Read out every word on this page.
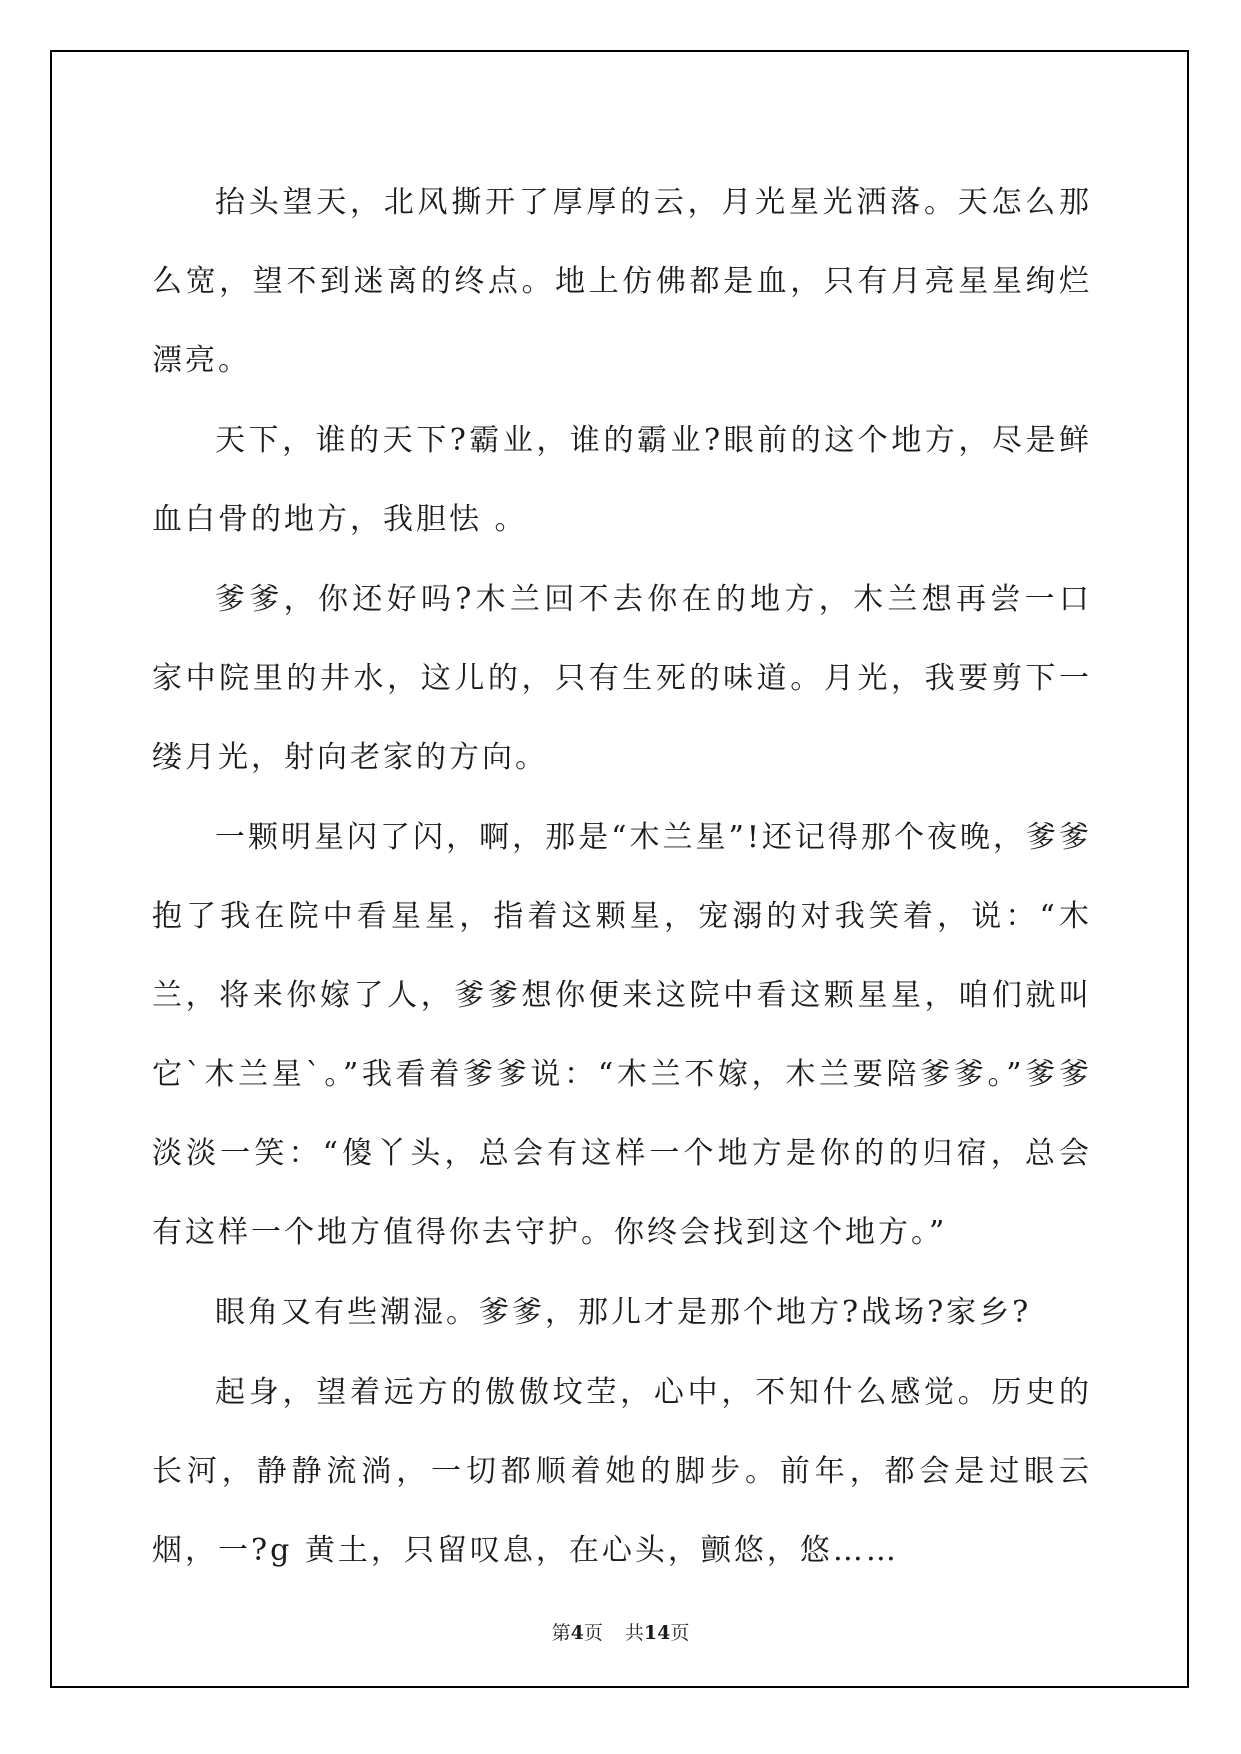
抬头望天，北风撕开了厚厚的云，月光星光洒落。天怎么那么宽，望不到迷离的终点。地上仿佛都是血，只有月亮星星绚烂漂亮。

天下，谁的天下?霸业，谁的霸业?眼前的这个地方，尽是鲜血白骨的地方，我胆怯 。

爹爹，你还好吗?木兰回不去你在的地方，木兰想再尝一口家中院里的井水，这儿的，只有生死的味道。月光，我要剪下一缕月光，射向老家的方向。

一颗明星闪了闪，啊，那是“木兰星”!还记得那个夜晚，爹爹抱了我在院中看星星，指着这颗星，宠溺的对我笑着，说：“木兰，将来你嫁了人，爹爹想你便来这院中看这颗星星，咱们就叫它`木兰星`。”我看着爹爹说：“木兰不嫁，木兰要陪爹爹。”爹爹淡淡一笑：“傻丫头，总会有这样一个地方是你的的归宿，总会有这样一个地方值得你去守护。你终会找到这个地方。”

眼角又有些潮湿。爹爹，那儿才是那个地方?战场?家乡?

起身，望着远方的傲傲坟茔，心中，不知什么感觉。历史的长河，静静流淌，一切都顺着她的脚步。前年，都会是过眼云烟，一?g 黄土，只留叹息，在心头，颤悠，悠……

第4页 共14页
